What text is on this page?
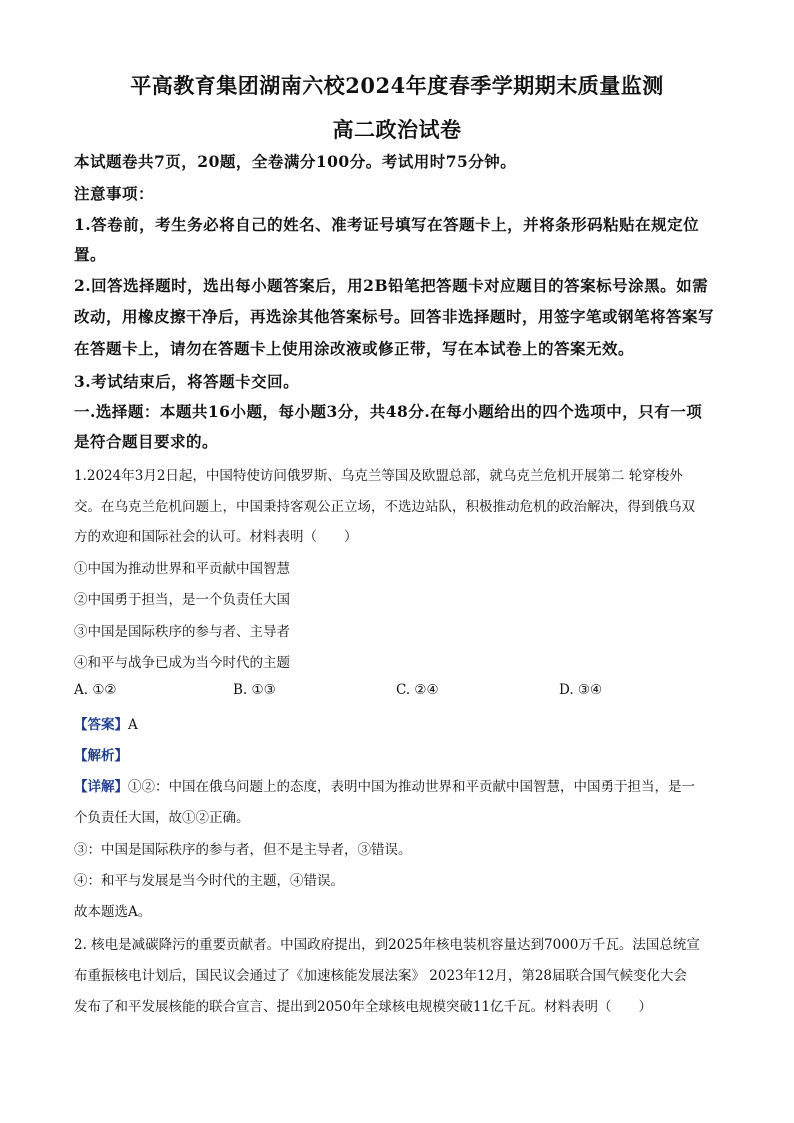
平高教育集团湖南六校2024年度春季学期期末质量监测
高二政治试卷

本试题卷共7页，20题，全卷满分100分。考试用时75分钟。

注意事项：

1.答卷前，考生务必将自己的姓名、准考证号填写在答题卡上，并将条形码粘贴在规定位

置。

2.回答选择题时，选出每小题答案后，用2B铅笔把答题卡对应题目的答案标号涂黑。如需

改动，用橡皮擦干净后，再选涂其他答案标号。回答非选择题时，用签字笔或钢笔将答案写

在答题卡上，请勿在答题卡上使用涂改液或修正带，写在本试卷上的答案无效。

3.考试结束后，将答题卡交回。

一.选择题：本题共16小题，每小题3分，共48分.在每小题给出的四个选项中，只有一项

是符合题目要求的。

1.2024年3月2日起，中国特使访问俄罗斯、乌克兰等国及欧盟总部，就乌克兰危机开展第二 轮穿梭外

交。在乌克兰危机问题上，中国秉持客观公正立场，不选边站队，积极推动危机的政治解决，得到俄乌双

方的欢迎和国际社会的认可。材料表明（　　）

①中国为推动世界和平贡献中国智慧

②中国勇于担当，是一个负责任大国

③中国是国际秩序的参与者、主导者

④和平与战争已成为当今时代的主题

A. ①②	B. ①③	C. ②④	D. ③④

【答案】A

【解析】

【详解】①②：中国在俄乌问题上的态度，表明中国为推动世界和平贡献中国智慧，中国勇于担当，是一

个负责任大国，故①②正确。

③：中国是国际秩序的参与者，但不是主导者，③错误。

④：和平与发展是当今时代的主题，④错误。

故本题选A。

2. 核电是减碳降污的重要贡献者。中国政府提出，到2025年核电装机容量达到7000万千瓦。法国总统宣

布重振核电计划后，国民议会通过了《加速核能发展法案》 2023年12月，第28届联合国气候变化大会

发布了和平发展核能的联合宣言、提出到2050年全球核电规模突破11亿千瓦。材料表明（　　）
